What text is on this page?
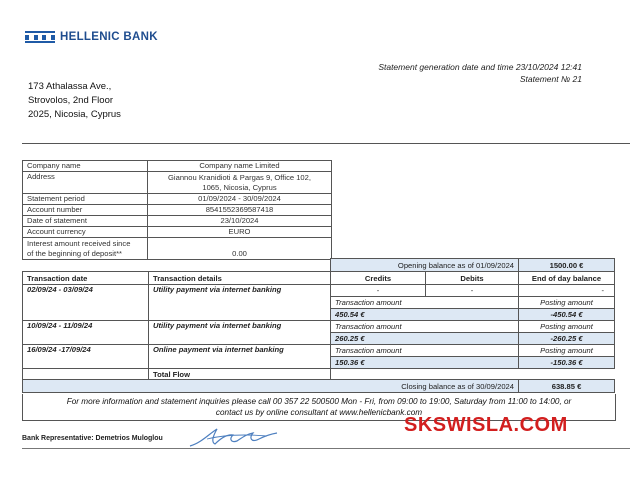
HELLENIC BANK
Statement generation date and time 23/10/2024 12:41
Statement № 21
173 Athalassa Ave.,
Strovolos, 2nd Floor
2025, Nicosia, Cyprus
Company name	Company name Limited
Address	Giannou Kranidioti & Pargas 9, Office 102,
1065, Nicosia, Cyprus

Statement period	01/09/2024 - 30/09/2024
Account number	8541552369587418
Date of statement	23/10/2024
Account currency	EURO

Interest amount received since
of the beginning of deposit**	0.00
		Opening balance as of 01/09/2024		1500.00 €
Transaction date	Transaction details	Credits	Debits	End of day balance
02/09/24 - 03/09/24	Utility payment via internet banking	-	-	-
		Transaction amount		Posting amount
		450.54 €		-450.54 €
10/09/24 - 11/09/24	Utility payment via internet banking	Transaction amount		Posting amount
		260.25 €		-260.25 €
16/09/24 -17/09/24	Online payment via internet banking	Transaction amount		Posting amount
		150.36 €		-150.36 €
	Total Flow			
Closing balance as of 30/09/2024				638.85 €
For more information and statement inquiries please call 00 357 22 500500 Mon - Fri, from 09:00 to 19:00, Saturday from 11:00 to 14:00, or
contact us by online consultant at www.hellenicbank.com
Bank Representative: Demetrios Muloglou
SKSWISLA.COM
